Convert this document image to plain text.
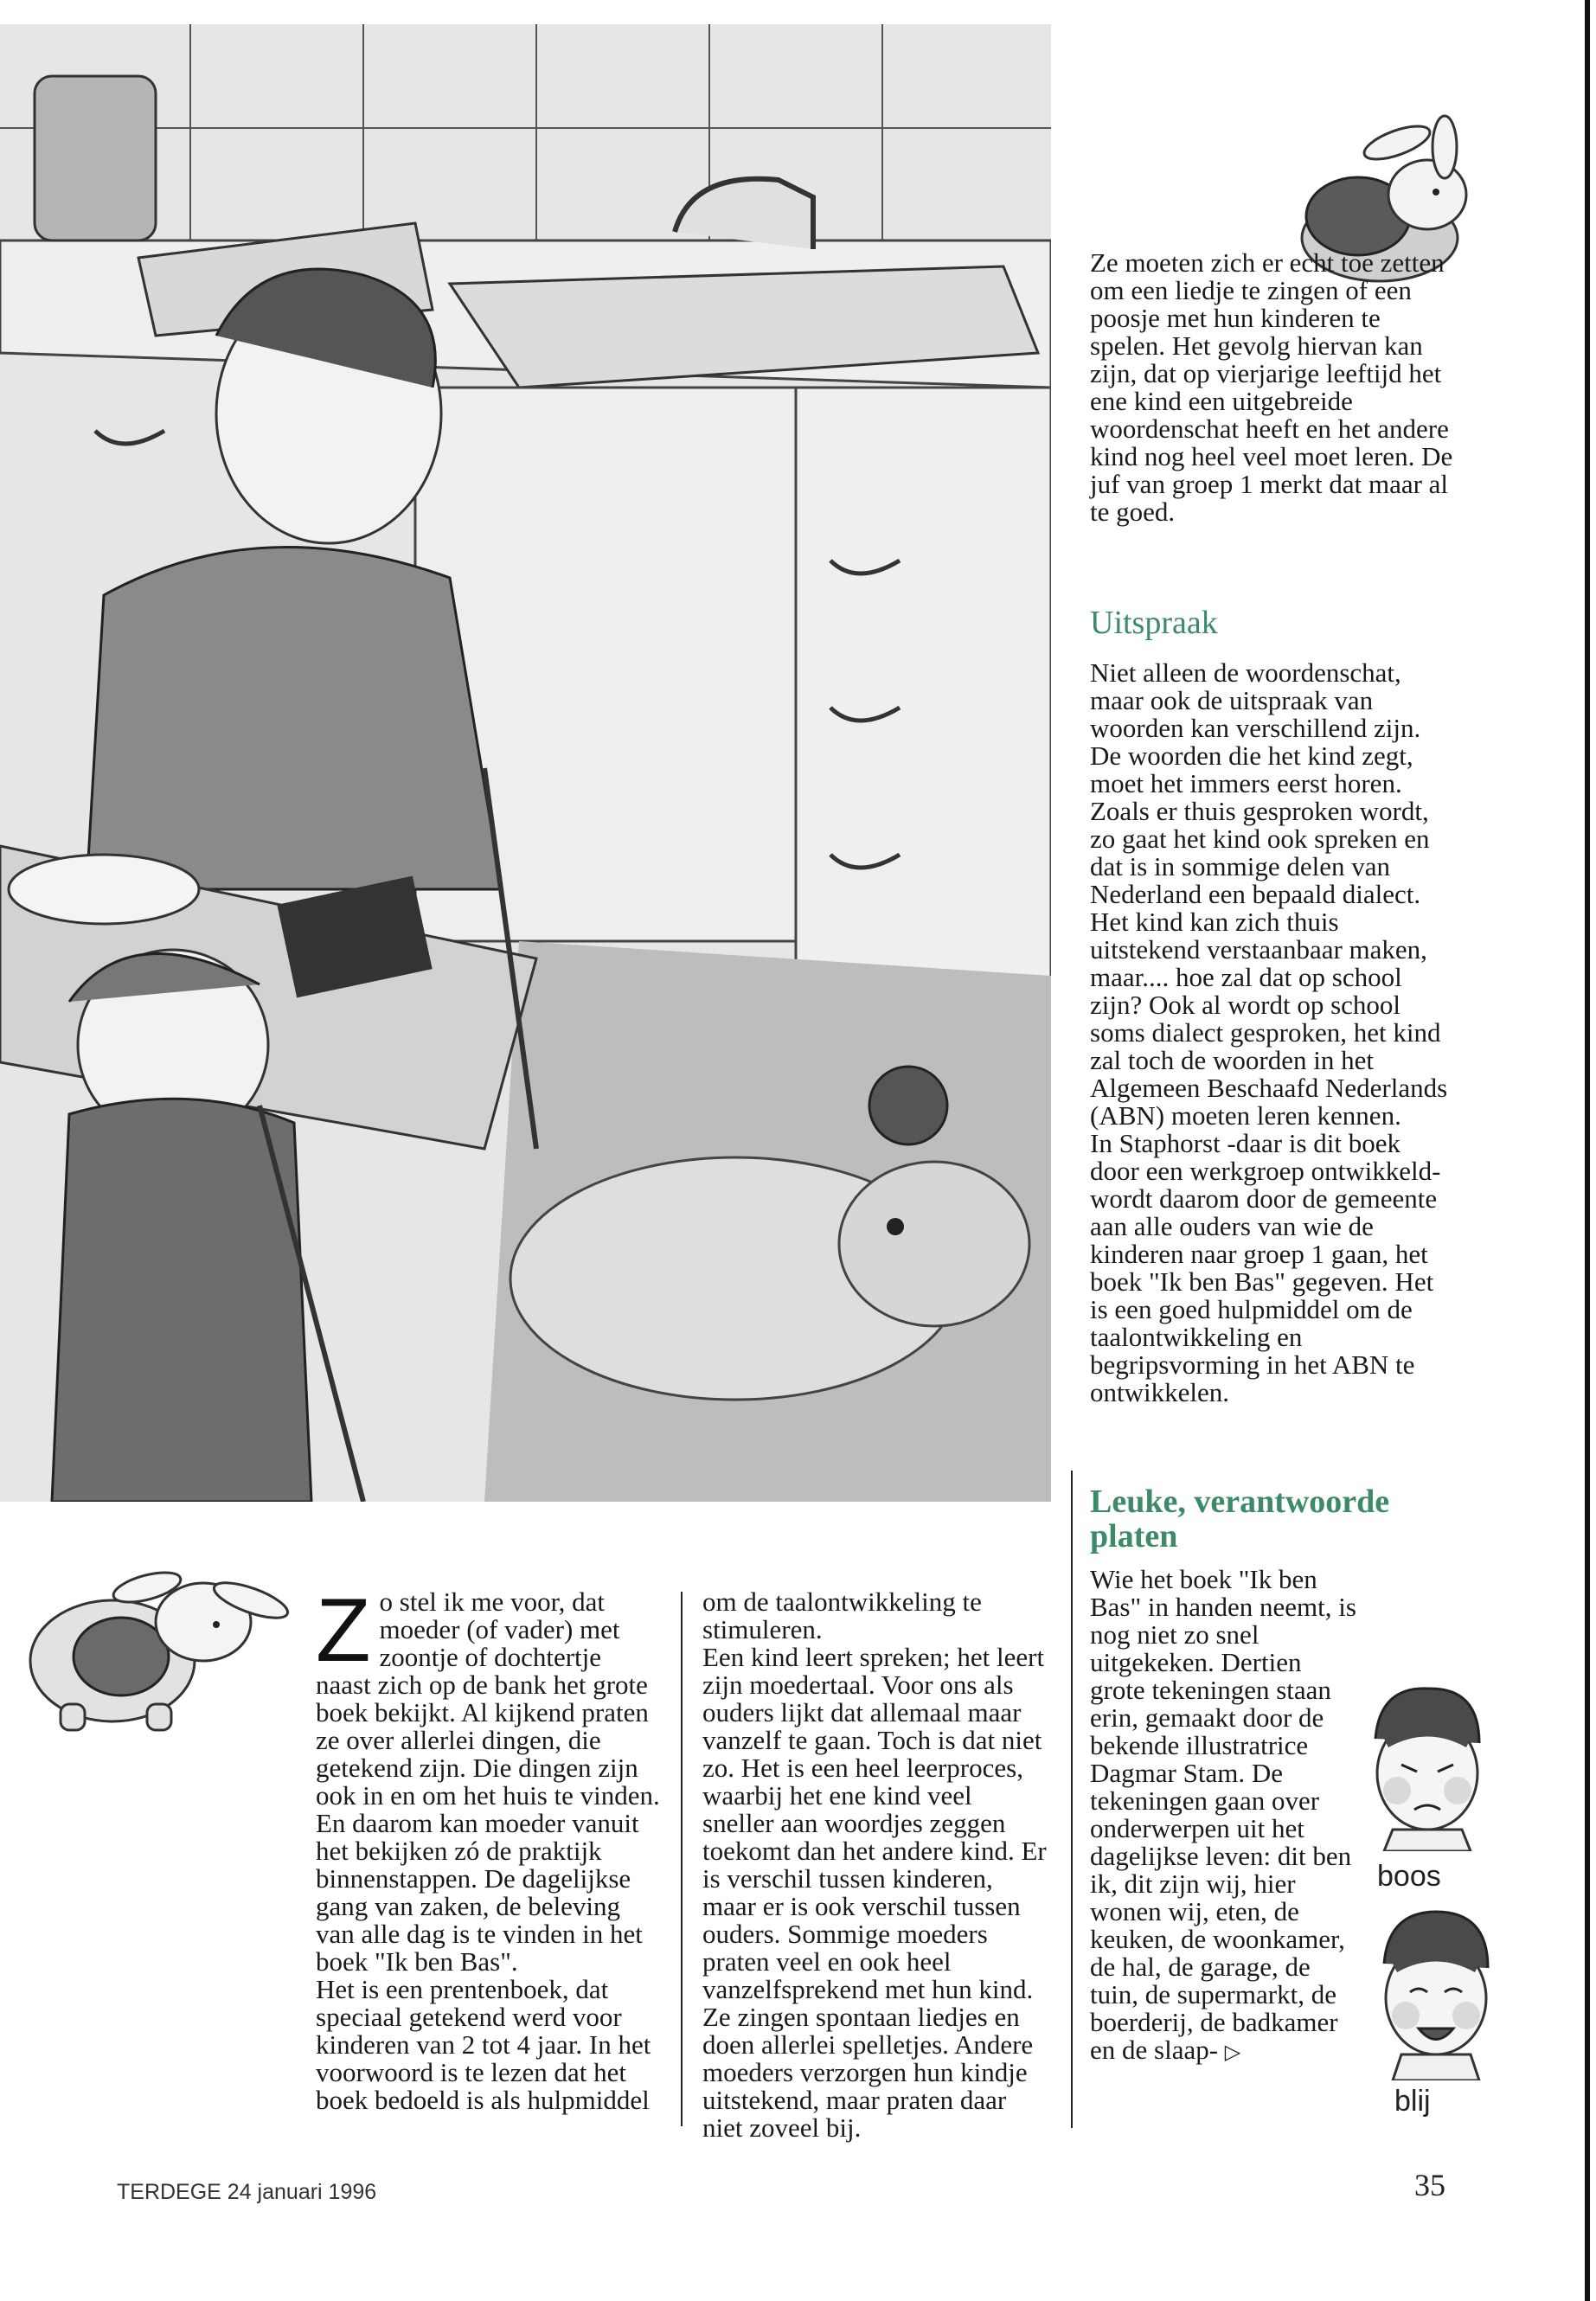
Ze moeten zich er echt toe zetten om een liedje te zingen of een poosje met hun kinderen te spelen. Het gevolg hiervan kan zijn, dat op vierjarige leeftijd het ene kind een uitgebreide woordenschat heeft en het andere kind nog heel veel moet leren. De juf van groep 1 merkt dat maar al te goed.

Uitspraak

Niet alleen de woordenschat, maar ook de uitspraak van woorden kan verschillend zijn. De woorden die het kind zegt, moet het immers eerst horen. Zoals er thuis gesproken wordt, zo gaat het kind ook spreken en dat is in sommige delen van Nederland een bepaald dialect. Het kind kan zich thuis uitstekend verstaanbaar maken, maar.... hoe zal dat op school zijn? Ook al wordt op school soms dialect gesproken, het kind zal toch de woorden in het Algemeen Beschaafd Nederlands (ABN) moeten leren kennen.

In Staphorst -daar is dit boek door een werkgroep ontwikkeld- wordt daarom door de gemeente aan alle ouders van wie de kinderen naar groep 1 gaan, het boek "Ik ben Bas" gegeven. Het is een goed hulpmiddel om de taalontwikkeling en begripsvorming in het ABN te ontwikkelen.

Leuke, verantwoorde platen

Wie het boek "Ik ben Bas" in handen neemt, is nog niet zo snel uitgekeken. Dertien grote tekeningen staan erin, gemaakt door de bekende illustratrice Dagmar Stam. De tekeningen gaan over onderwerpen uit het dagelijkse leven: dit ben ik, dit zijn wij, hier wonen wij, eten, de keuken, de woonkamer, de hal, de garage, de tuin, de supermarkt, de boerderij, de badkamer en de slaap- ▷

boos
blij

Zo stel ik me voor, dat moeder (of vader) met zoontje of dochtertje naast zich op de bank het grote boek bekijkt. Al kijkend praten ze over allerlei dingen, die getekend zijn. Die dingen zijn ook in en om het huis te vinden. En daarom kan moeder vanuit het bekijken zó de praktijk binnenstappen. De dagelijkse gang van zaken, de beleving van alle dag is te vinden in het boek "Ik ben Bas".

Het is een prentenboek, dat speciaal getekend werd voor kinderen van 2 tot 4 jaar. In het voorwoord is te lezen dat het boek bedoeld is als hulpmiddel

om de taalontwikkeling te stimuleren.

Een kind leert spreken; het leert zijn moedertaal. Voor ons als ouders lijkt dat allemaal maar vanzelf te gaan. Toch is dat niet zo. Het is een heel leerproces, waarbij het ene kind veel sneller aan woordjes zeggen toekomt dan het andere kind. Er is verschil tussen kinderen, maar er is ook verschil tussen ouders. Sommige moeders praten veel en ook heel vanzelfsprekend met hun kind. Ze zingen spontaan liedjes en doen allerlei spelletjes. Andere moeders verzorgen hun kindje uitstekend, maar praten daar niet zoveel bij.

TERDEGE 24 januari 1996	35
